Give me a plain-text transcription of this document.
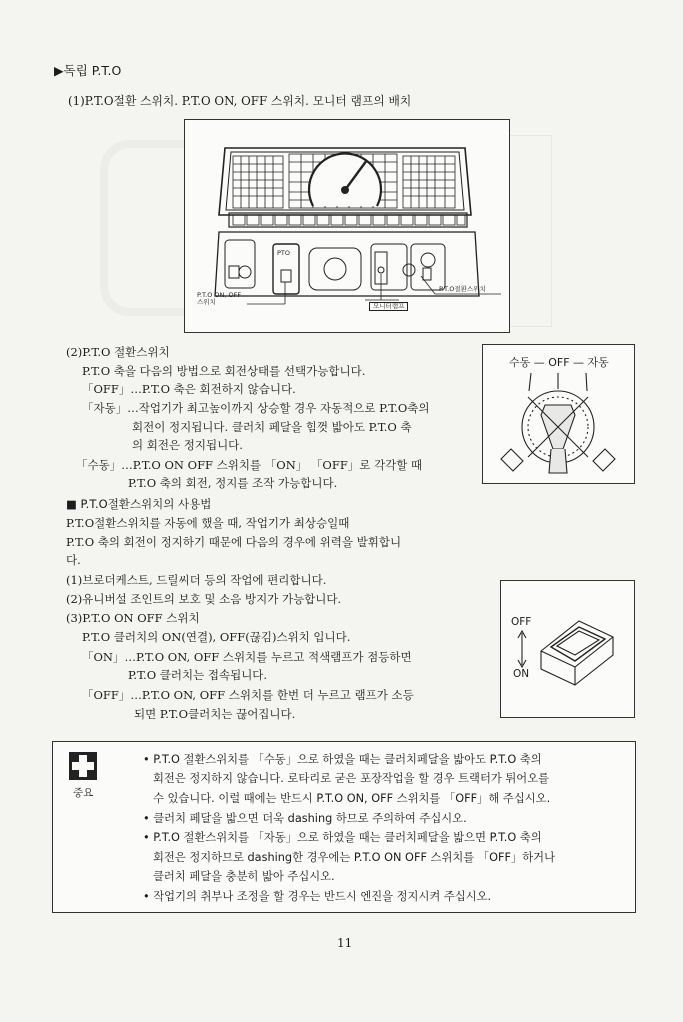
▶독립 P.T.O
(1)P.T.O절환 스위치. P.T.O ON, OFF 스위치. 모니터 램프의 배치
PTO
P.T.O ON, OFF
스위치	모니터램프
P.T.O절환스위치
(2)P.T.O 절환스위치
P.T.O 축을 다음의 방법으로 회전상태를 선택가능합니다.
「OFF」…P.T.O 축은 회전하지 않습니다.
「자동」…작업기가 최고높이까지 상승할 경우 자동적으로 P.T.O축의
회전이 정지됩니다. 클러치 페달을 힘껏 밟아도 P.T.O 축
의 회전은 정지됩니다.
「수동」…P.T.O ON OFF 스위치를 「ON」 「OFF」로 각각할 때
P.T.O 축의 회전, 정지를 조작 가능합니다.
수동 — OFF — 자동
■ P.T.O절환스위치의 사용법
P.T.O절환스위치를 자동에 했을 때, 작업기가 최상승일때
P.T.O 축의 회전이 정지하기 때문에 다음의 경우에 위력을 발휘합니
다.
(1)브로더케스트, 드릴씨더 등의 작업에 편리합니다.
(2)유니버설 조인트의 보호 및 소음 방지가 가능합니다.
(3)P.T.O ON OFF 스위치
P.T.O 클러치의 ON(연결), OFF(끊김)스위치 입니다.
「ON」…P.T.O ON, OFF 스위치를 누르고 적색램프가 점등하면
P.T.O 클러치는 접속됩니다.
「OFF」…P.T.O ON, OFF 스위치를 한번 더 누르고 램프가 소등
되면 P.T.O클러치는 끊어집니다.
OFF
ON
중요
• P.T.O 절환스위치를 「수동」으로 하였을 때는 클러치페달을 밟아도 P.T.O 축의
회전은 정지하지 않습니다. 로타리로 굳은 포장작업을 할 경우 트랙터가 튀어오를
수 있습니다. 이럴 때에는 반드시 P.T.O ON, OFF 스위치를 「OFF」해 주십시오.
• 클러치 페달을 밟으면 더욱 dashing 하므로 주의하여 주십시오.
• P.T.O 절환스위치를 「자동」으로 하였을 때는 클러치페달을 밟으면 P.T.O 축의
회전은 정지하므로 dashing한 경우에는 P.T.O ON OFF 스위치를 「OFF」하거나
클러치 페달을 충분히 밟아 주십시오.
• 작업기의 취부나 조정을 할 경우는 반드시 엔진을 정지시켜 주십시오.
11
